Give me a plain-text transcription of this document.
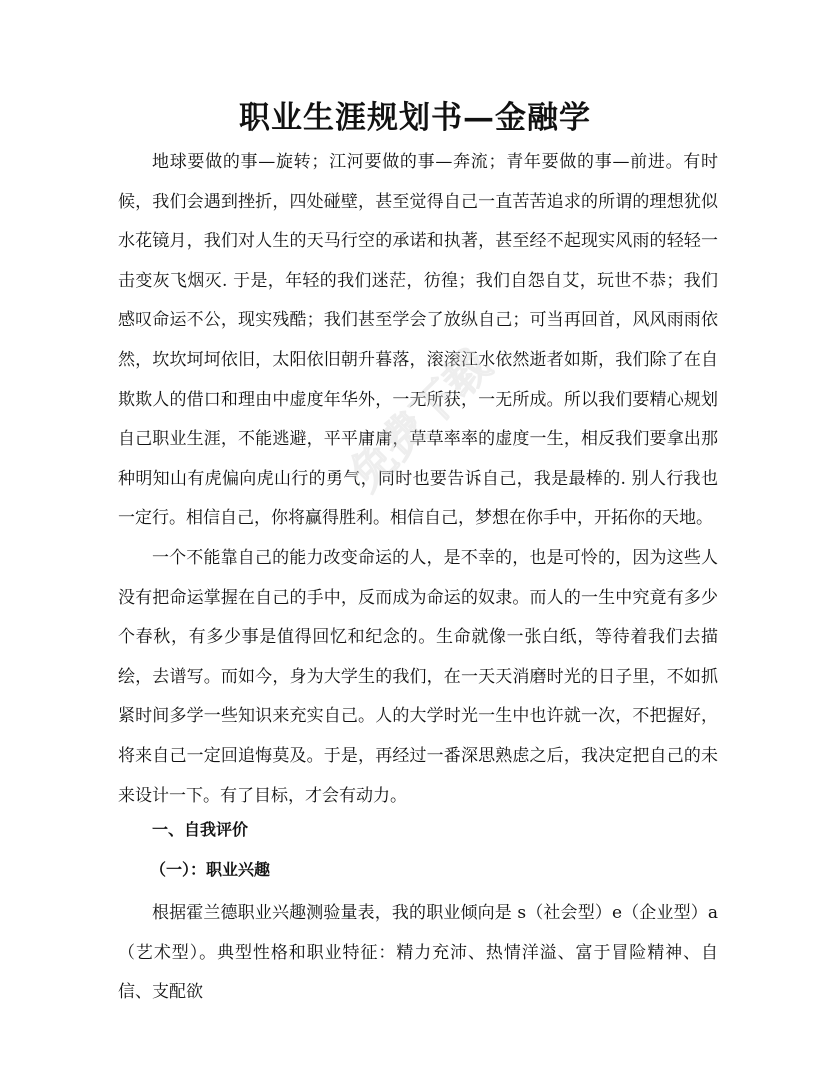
职业生涯规划书—金融学

地球要做的事—旋转；江河要做的事—奔流；青年要做的事—前进。有时候，我们会遇到挫折，四处碰壁，甚至觉得自己一直苦苦追求的所谓的理想犹似水花镜月，我们对人生的天马行空的承诺和执著，甚至经不起现实风雨的轻轻一击变灰飞烟灭. 于是，年轻的我们迷茫，彷徨；我们自怨自艾，玩世不恭；我们感叹命运不公，现实残酷；我们甚至学会了放纵自己；可当再回首，风风雨雨依然，坎坎坷坷依旧，太阳依旧朝升暮落，滚滚江水依然逝者如斯，我们除了在自欺欺人的借口和理由中虚度年华外，一无所获，一无所成。所以我们要精心规划自己职业生涯，不能逃避，平平庸庸，草草率率的虚度一生，相反我们要拿出那种明知山有虎偏向虎山行的勇气，同时也要告诉自己，我是最棒的. 别人行我也一定行。相信自己，你将赢得胜利。相信自己，梦想在你手中，开拓你的天地。

一个不能靠自己的能力改变命运的人，是不幸的，也是可怜的，因为这些人没有把命运掌握在自己的手中，反而成为命运的奴隶。而人的一生中究竟有多少个春秋，有多少事是值得回忆和纪念的。生命就像一张白纸，等待着我们去描绘，去谱写。而如今，身为大学生的我们，在一天天消磨时光的日子里，不如抓紧时间多学一些知识来充实自己。人的大学时光一生中也许就一次，不把握好，将来自己一定回追悔莫及。于是，再经过一番深思熟虑之后，我决定把自己的未来设计一下。有了目标，才会有动力。

一、自我评价
（一）：职业兴趣

根据霍兰德职业兴趣测验量表，我的职业倾向是 s（社会型）e（企业型）a（艺术型）。典型性格和职业特征：精力充沛、热情洋溢、富于冒险精神、自信、支配欲

免费下载
